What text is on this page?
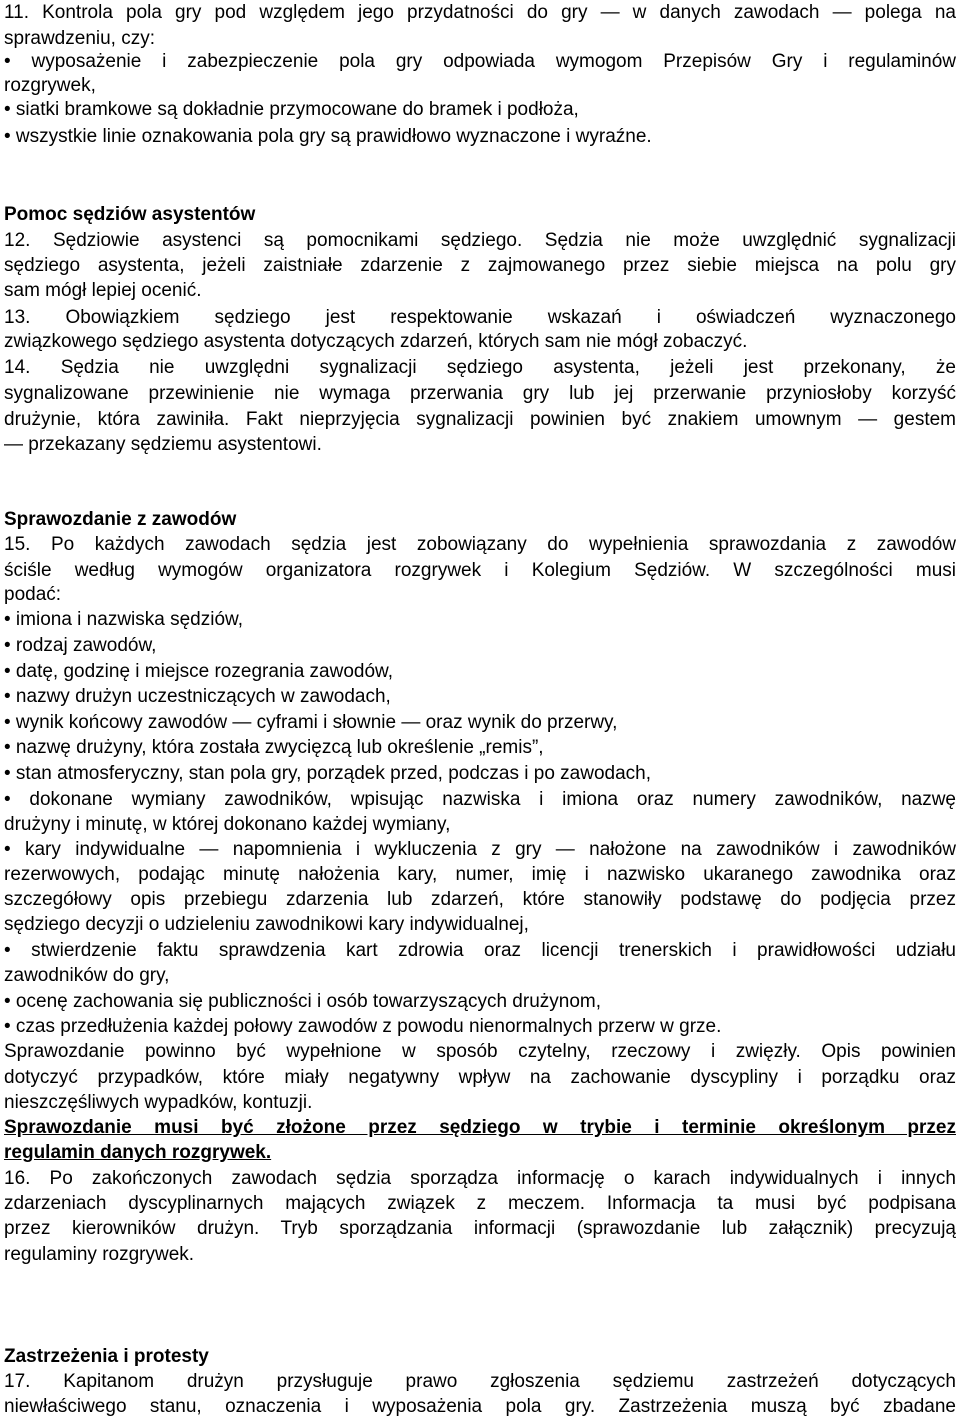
11. Kontrola pola gry pod względem jego przydatności do gry — w danych zawodach — polega na

sprawdzeniu, czy:

• wyposażenie i zabezpieczenie pola gry odpowiada wymogom Przepisów Gry i regulaminów

rozgrywek,

• siatki bramkowe są dokładnie przymocowane do bramek i podłoża,

• wszystkie linie oznakowania pola gry są prawidłowo wyznaczone i wyraźne.

Pomoc sędziów asystentów

12. Sędziowie asystenci są pomocnikami sędziego. Sędzia nie może uwzględnić sygnalizacji

sędziego asystenta, jeżeli zaistniałe zdarzenie z zajmowanego przez siebie miejsca na polu gry

sam mógł lepiej ocenić.

13. Obowiązkiem sędziego jest respektowanie wskazań i oświadczeń wyznaczonego

związkowego sędziego asystenta dotyczących zdarzeń, których sam nie mógł zobaczyć.

14. Sędzia nie uwzględni sygnalizacji sędziego asystenta, jeżeli jest przekonany, że

sygnalizowane przewinienie nie wymaga przerwania gry lub jej przerwanie przyniosłoby korzyść

drużynie, która zawiniła. Fakt nieprzyjęcia sygnalizacji powinien być znakiem umownym — gestem

— przekazany sędziemu asystentowi.

Sprawozdanie z zawodów

15. Po każdych zawodach sędzia jest zobowiązany do wypełnienia sprawozdania z zawodów

ściśle według wymogów organizatora rozgrywek i Kolegium Sędziów. W szczególności musi

podać:

• imiona i nazwiska sędziów,

• rodzaj zawodów,

• datę, godzinę i miejsce rozegrania zawodów,

• nazwy drużyn uczestniczących w zawodach,

• wynik końcowy zawodów — cyframi i słownie — oraz wynik do przerwy,

• nazwę drużyny, która została zwycięzcą lub określenie „remis”,

• stan atmosferyczny, stan pola gry, porządek przed, podczas i po zawodach,

• dokonane wymiany zawodników, wpisując nazwiska i imiona oraz numery zawodników, nazwę

drużyny i minutę, w której dokonano każdej wymiany,

• kary indywidualne — napomnienia i wykluczenia z gry — nałożone na zawodników i zawodników

rezerwowych, podając minutę nałożenia kary, numer, imię i nazwisko ukaranego zawodnika oraz

szczegółowy opis przebiegu zdarzenia lub zdarzeń, które stanowiły podstawę do podjęcia przez

sędziego decyzji o udzieleniu zawodnikowi kary indywidualnej,

• stwierdzenie faktu sprawdzenia kart zdrowia oraz licencji trenerskich i prawidłowości udziału

zawodników do gry,

• ocenę zachowania się publiczności i osób towarzyszących drużynom,

• czas przedłużenia każdej połowy zawodów z powodu nienormalnych przerw w grze.

Sprawozdanie powinno być wypełnione w sposób czytelny, rzeczowy i zwięzły. Opis powinien

dotyczyć przypadków, które miały negatywny wpływ na zachowanie dyscypliny i porządku oraz

nieszczęśliwych wypadków, kontuzji.

Sprawozdanie musi być złożone przez sędziego w trybie i terminie określonym przez

regulamin danych rozgrywek.

16. Po zakończonych zawodach sędzia sporządza informację o karach indywidualnych i innych

zdarzeniach dyscyplinarnych mających związek z meczem. Informacja ta musi być podpisana

przez kierowników drużyn. Tryb sporządzania informacji (sprawozdanie lub załącznik) precyzują

regulaminy rozgrywek.

Zastrzeżenia i protesty

17. Kapitanom drużyn przysługuje prawo zgłoszenia sędziemu zastrzeżeń dotyczących

niewłaściwego stanu, oznaczenia i wyposażenia pola gry. Zastrzeżenia muszą być zbadane
